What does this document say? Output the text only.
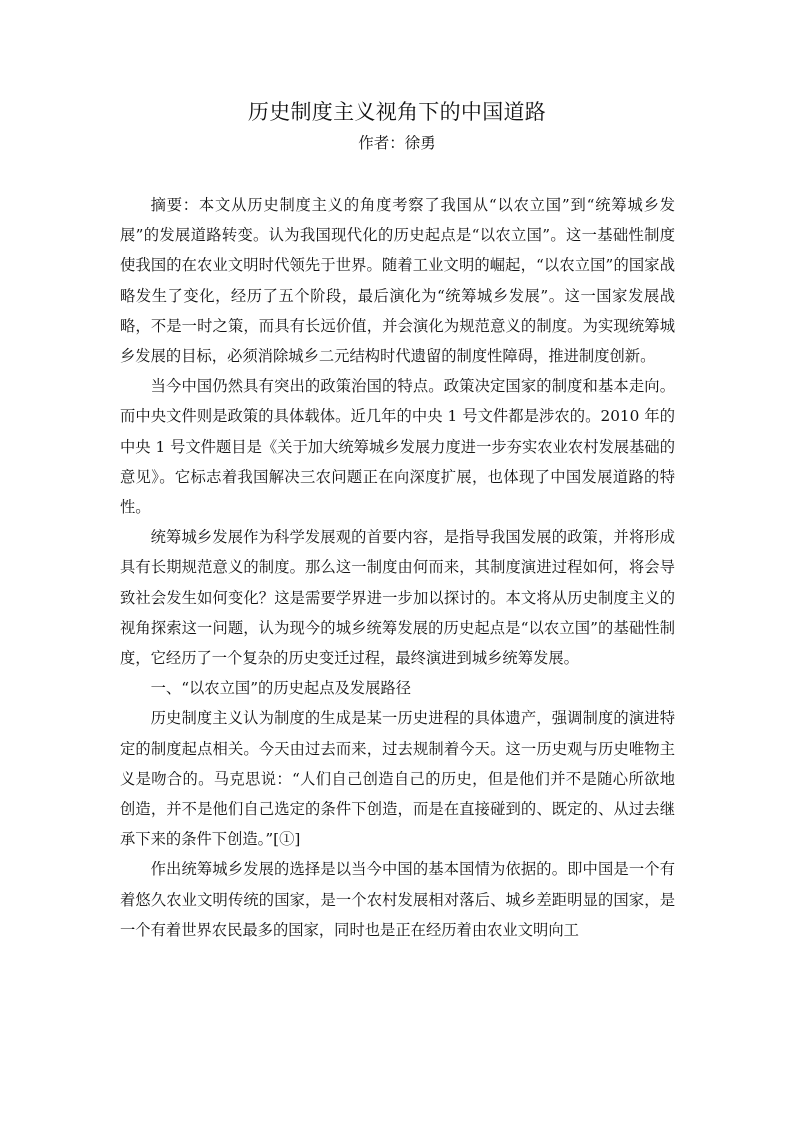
历史制度主义视角下的中国道路
作者：徐勇

摘要：本文从历史制度主义的角度考察了我国从“以农立国”到“统筹城乡发展”的发展道路转变。认为我国现代化的历史起点是“以农立国”。这一基础性制度使我国的在农业文明时代领先于世界。随着工业文明的崛起，“以农立国”的国家战略发生了变化，经历了五个阶段，最后演化为“统筹城乡发展”。这一国家发展战略，不是一时之策，而具有长远价值，并会演化为规范意义的制度。为实现统筹城乡发展的目标，必须消除城乡二元结构时代遗留的制度性障碍，推进制度创新。

当今中国仍然具有突出的政策治国的特点。政策决定国家的制度和基本走向。而中央文件则是政策的具体载体。近几年的中央 1 号文件都是涉农的。2010 年的中央 1 号文件题目是《关于加大统筹城乡发展力度进一步夯实农业农村发展基础的意见》。它标志着我国解决三农问题正在向深度扩展，也体现了中国发展道路的特性。

统筹城乡发展作为科学发展观的首要内容，是指导我国发展的政策，并将形成具有长期规范意义的制度。那么这一制度由何而来，其制度演进过程如何，将会导致社会发生如何变化？这是需要学界进一步加以探讨的。本文将从历史制度主义的视角探索这一问题，认为现今的城乡统筹发展的历史起点是“以农立国”的基础性制度，它经历了一个复杂的历史变迁过程，最终演进到城乡统筹发展。

一、“以农立国”的历史起点及发展路径

历史制度主义认为制度的生成是某一历史进程的具体遗产，强调制度的演进特定的制度起点相关。今天由过去而来，过去规制着今天。这一历史观与历史唯物主义是吻合的。马克思说：“人们自己创造自己的历史，但是他们并不是随心所欲地创造，并不是他们自己选定的条件下创造，而是在直接碰到的、既定的、从过去继承下来的条件下创造。”[①]

作出统筹城乡发展的选择是以当今中国的基本国情为依据的。即中国是一个有着悠久农业文明传统的国家，是一个农村发展相对落后、城乡差距明显的国家，是一个有着世界农民最多的国家，同时也是正在经历着由农业文明向工
